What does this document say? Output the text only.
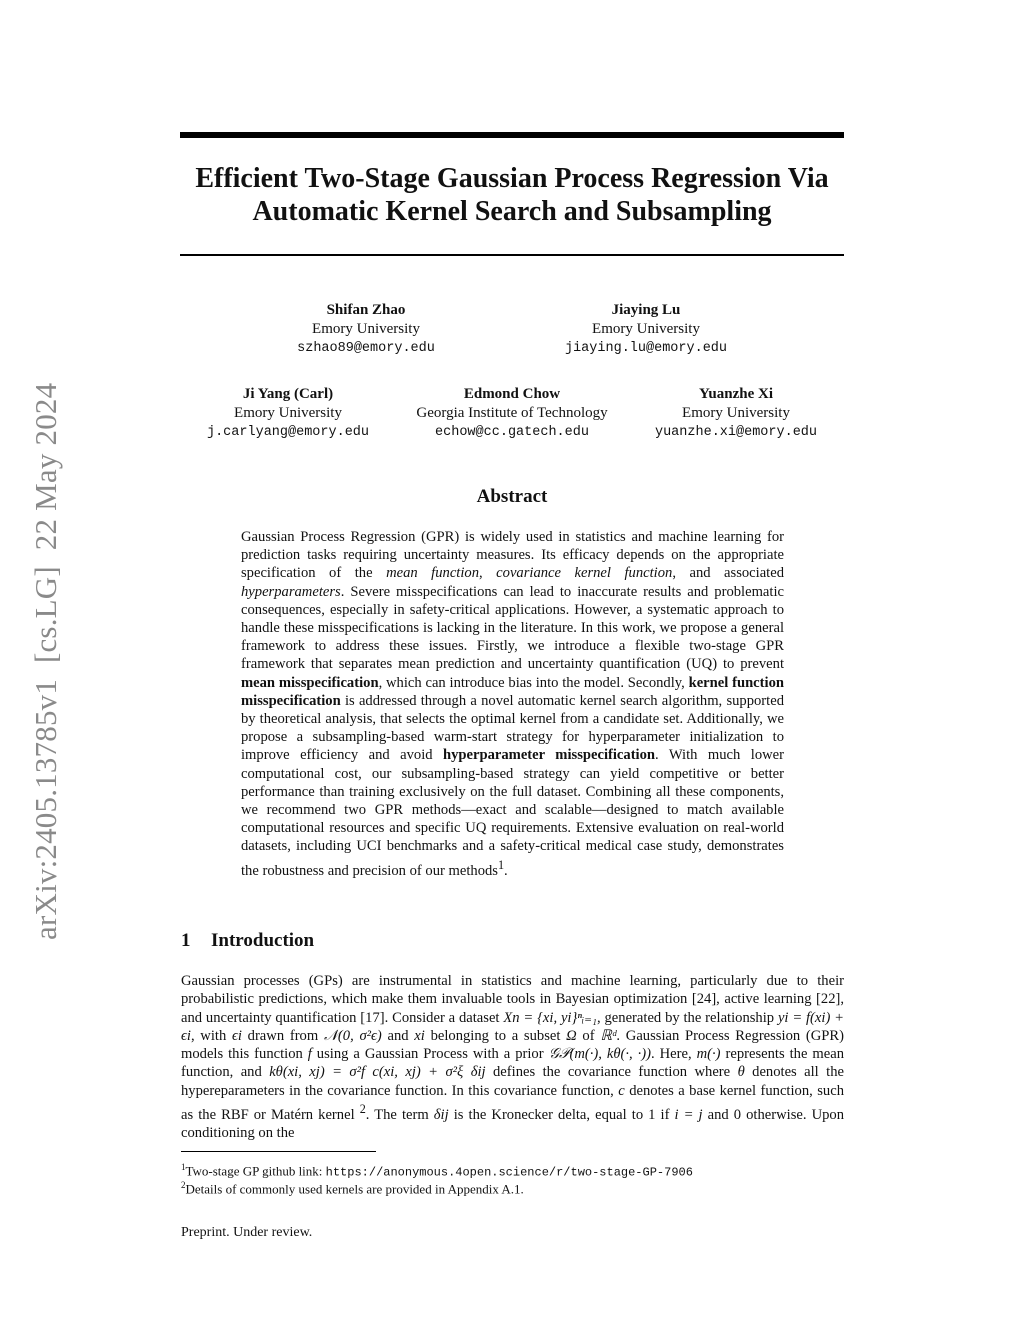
arXiv:2405.13785v1  [cs.LG]  22 May 2024
Efficient Two-Stage Gaussian Process Regression Via
Automatic Kernel Search and Subsampling
Shifan Zhao
Emory University
szhao89@emory.edu
Jiaying Lu
Emory University
jiaying.lu@emory.edu
Ji Yang (Carl)
Emory University
j.carlyang@emory.edu
Edmond Chow
Georgia Institute of Technology
echow@cc.gatech.edu
Yuanzhe Xi
Emory University
yuanzhe.xi@emory.edu
Abstract

Gaussian Process Regression (GPR) is widely used in statistics and machine learning for prediction tasks requiring uncertainty measures. Its efficacy depends on the appropriate specification of the mean function, covariance kernel function, and associated hyperparameters. Severe misspecifications can lead to inaccurate results and problematic consequences, especially in safety-critical applications. However, a systematic approach to handle these misspecifications is lacking in the literature. In this work, we propose a general framework to address these issues. Firstly, we introduce a flexible two-stage GPR framework that separates mean prediction and uncertainty quantification (UQ) to prevent mean misspecification, which can introduce bias into the model. Secondly, kernel function misspecification is addressed through a novel automatic kernel search algorithm, supported by theoretical analysis, that selects the optimal kernel from a candidate set. Additionally, we propose a subsampling-based warm-start strategy for hyperparameter initialization to improve efficiency and avoid hyperparameter misspecification. With much lower computational cost, our subsampling-based strategy can yield competitive or better performance than training exclusively on the full dataset. Combining all these components, we recommend two GPR methods—exact and scalable—designed to match available computational resources and specific UQ requirements. Extensive evaluation on real-world datasets, including UCI benchmarks and a safety-critical medical case study, demonstrates the robustness and precision of our methods$^1$.

1 Introduction

Gaussian processes (GPs) are instrumental in statistics and machine learning, particularly due to their probabilistic predictions, which make them invaluable tools in Bayesian optimization [24], active learning [22], and uncertainty quantification [17]. Consider a dataset Xn = {xi, yi}ⁿᵢ₌₁, generated by the relationship yi = f(xi) + ϵi, with ϵi drawn from 𝒩(0, σ²ϵ) and xi belonging to a subset Ω of ℝᵈ. Gaussian Process Regression (GPR) models this function f using a Gaussian Process with a prior 𝒢𝒫(m(·), kθ(·, ·)). Here, m(·) represents the mean function, and kθ(xi, xj) = σ²f c(xi, xj) + σ²ξ δij defines the covariance function where θ denotes all the hypereparameters in the covariance function. In this covariance function, c denotes a base kernel function, such as the RBF or Matérn kernel $^2$. The term δij is the Kronecker delta, equal to 1 if i = j and 0 otherwise. Upon conditioning on the

$^1$Two-stage GP github link: https://anonymous.4open.science/r/two-stage-GP-7906
$^2$Details of commonly used kernels are provided in Appendix A.1.
Preprint. Under review.
